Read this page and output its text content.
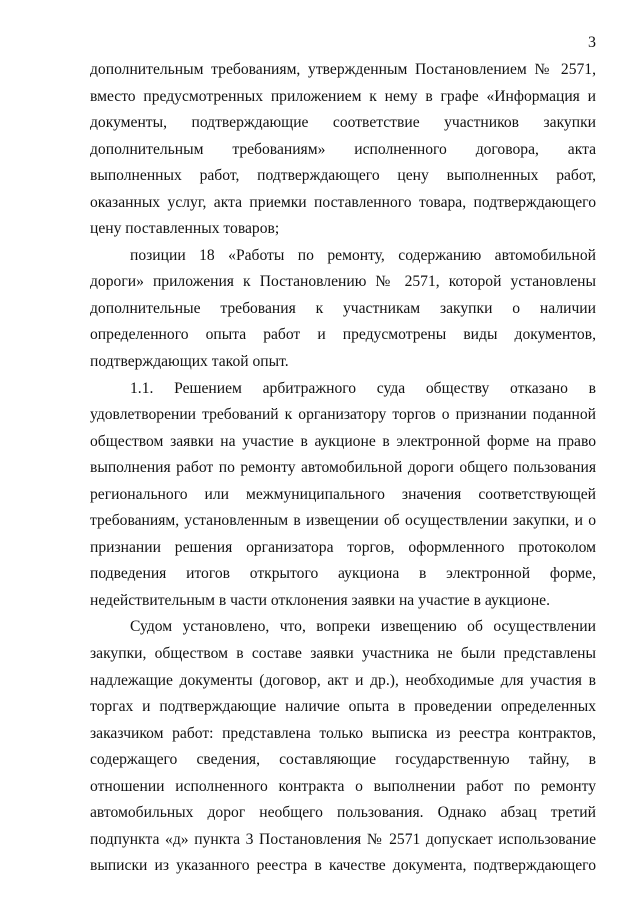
3
дополнительным требованиям, утвержденным Постановлением № 2571,
вместо предусмотренных приложением к нему в графе «Информация и
документы, подтверждающие соответствие участников закупки
дополнительным требованиям» исполненного договора, акта
выполненных работ, подтверждающего цену выполненных работ,
оказанных услуг, акта приемки поставленного товара, подтверждающего
цену поставленных товаров;
позиции 18 «Работы по ремонту, содержанию автомобильной
дороги» приложения к Постановлению № 2571, которой установлены
дополнительные требования к участникам закупки о наличии
определенного опыта работ и предусмотрены виды документов,
подтверждающих такой опыт.
1.1. Решением арбитражного суда обществу отказано в
удовлетворении требований к организатору торгов о признании поданной
обществом заявки на участие в аукционе в электронной форме на право
выполнения работ по ремонту автомобильной дороги общего пользования
регионального или межмуниципального значения соответствующей
требованиям, установленным в извещении об осуществлении закупки, и о
признании решения организатора торгов, оформленного протоколом
подведения итогов открытого аукциона в электронной форме,
недействительным в части отклонения заявки на участие в аукционе.
Судом установлено, что, вопреки извещению об осуществлении
закупки, обществом в составе заявки участника не были представлены
надлежащие документы (договор, акт и др.), необходимые для участия в
торгах и подтверждающие наличие опыта в проведении определенных
заказчиком работ: представлена только выписка из реестра контрактов,
содержащего сведения, составляющие государственную тайну, в
отношении исполненного контракта о выполнении работ по ремонту
автомобильных дорог необщего пользования. Однако абзац третий
подпункта «д» пункта 3 Постановления № 2571 допускает использование
выписки из указанного реестра в качестве документа, подтверждающего
